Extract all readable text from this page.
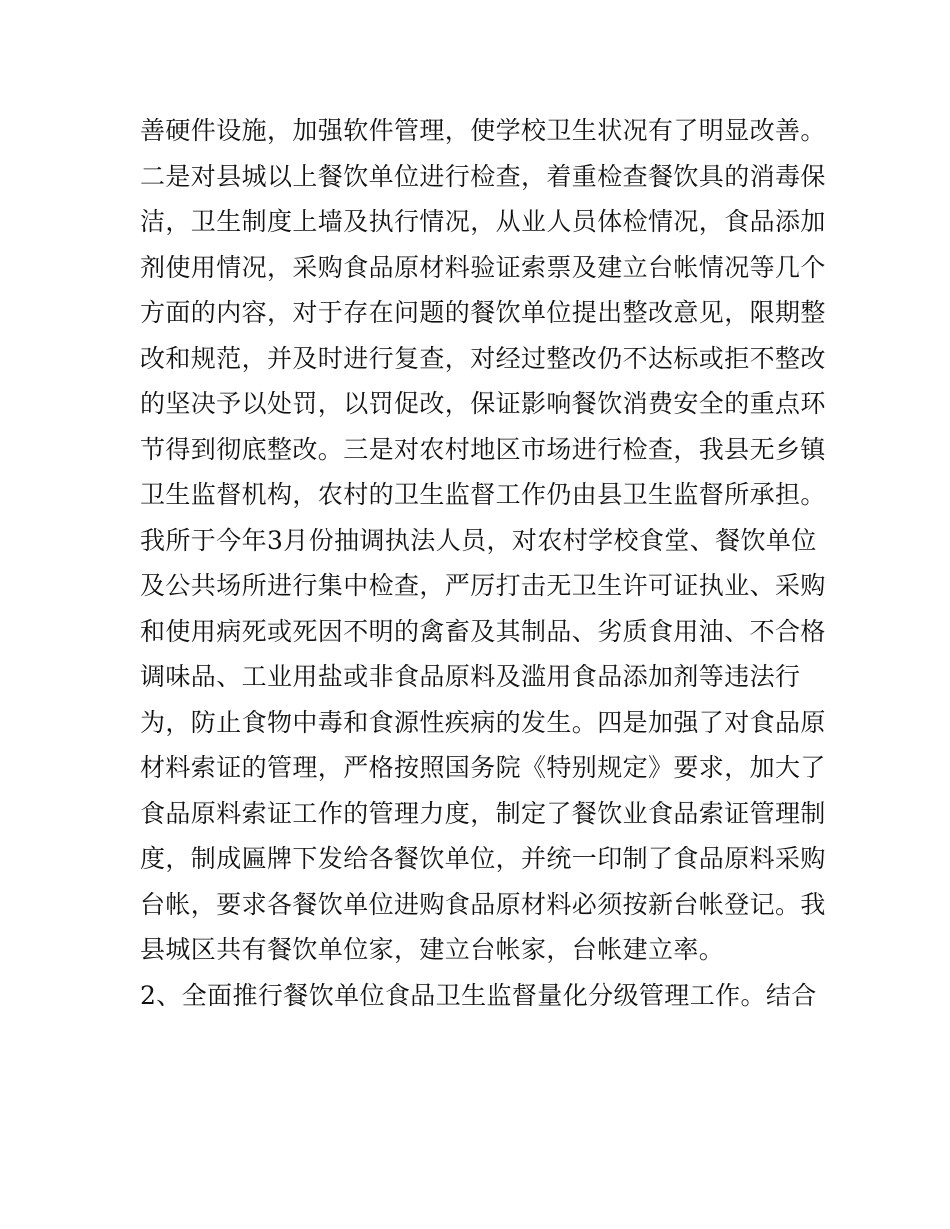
善硬件设施，加强软件管理，使学校卫生状况有了明显改善。
二是对县城以上餐饮单位进行检查，着重检查餐饮具的消毒保
洁，卫生制度上墙及执行情况，从业人员体检情况，食品添加
剂使用情况，采购食品原材料验证索票及建立台帐情况等几个
方面的内容，对于存在问题的餐饮单位提出整改意见，限期整
改和规范，并及时进行复查，对经过整改仍不达标或拒不整改
的坚决予以处罚，以罚促改，保证影响餐饮消费安全的重点环
节得到彻底整改。三是对农村地区市场进行检查，我县无乡镇
卫生监督机构，农村的卫生监督工作仍由县卫生监督所承担。
我所于今年3月份抽调执法人员，对农村学校食堂、餐饮单位
及公共场所进行集中检查，严厉打击无卫生许可证执业、采购
和使用病死或死因不明的禽畜及其制品、劣质食用油、不合格
调味品、工业用盐或非食品原料及滥用食品添加剂等违法行
为，防止食物中毒和食源性疾病的发生。四是加强了对食品原
材料索证的管理，严格按照国务院《特别规定》要求，加大了
食品原料索证工作的管理力度，制定了餐饮业食品索证管理制
度，制成匾牌下发给各餐饮单位，并统一印制了食品原料采购
台帐，要求各餐饮单位进购食品原材料必须按新台帐登记。我
县城区共有餐饮单位家，建立台帐家，台帐建立率。
2、全面推行餐饮单位食品卫生监督量化分级管理工作。结合
